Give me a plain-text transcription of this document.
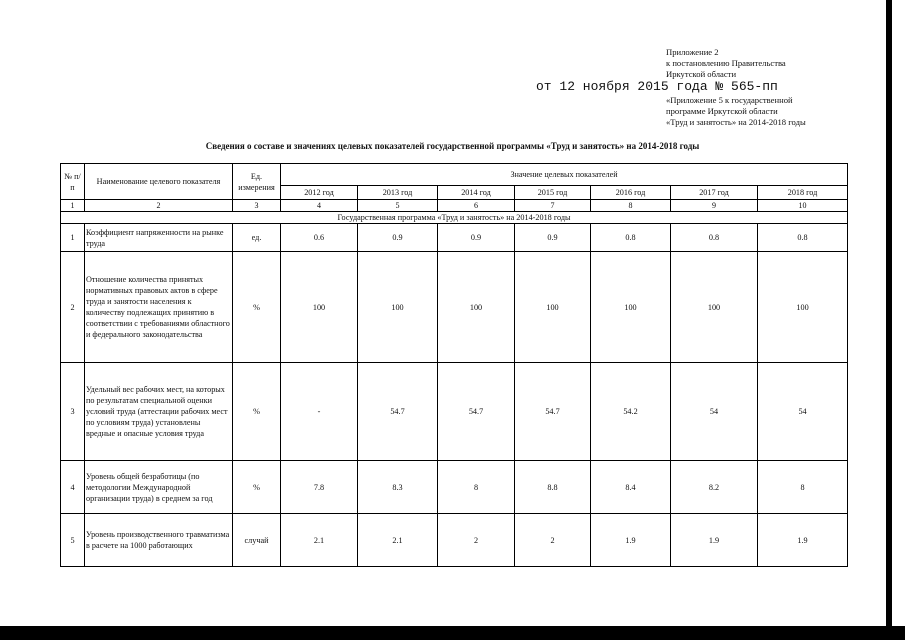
Приложение 2
к постановлению Правительства
Иркутской области
от 12 ноября 2015 года № 565-пп
«Приложение 5 к государственной
программе Иркутской области
«Труд и занятость» на 2014-2018 годы
Сведения о составе и значениях целевых показателей государственной программы «Труд и занятость» на 2014-2018 годы
№ п/п	Наименование целевого показателя	Ед. измерения	Значение целевых показателей						
			2012 год	2013 год	2014 год	2015 год	2016 год	2017 год	2018 год
1	2	3	4	5	6	7	8	9	10
Государственная программа «Труд и занятость» на 2014-2018 годы									
1	Коэффициент напряженности на рынке труда	ед.	0.6	0.9	0.9	0.9	0.8	0.8	0.8
2	Отношение количества принятых нормативных правовых актов в сфере труда и занятости населения к количеству подлежащих принятию в соответствии с требованиями областного и федерального законодательства	%	100	100	100	100	100	100	100
3	Удельный вес рабочих мест, на которых по результатам специальной оценки условий труда (аттестации рабочих мест по условиям труда) установлены вредные и опасные условия труда	%	-	54.7	54.7	54.7	54.2	54	54
4	Уровень общей безработицы (по методологии Международной организации труда) в среднем за год	%	7.8	8.3	8	8.8	8.4	8.2	8
5	Уровень производственного травматизма в расчете на 1000 работающих	случай	2.1	2.1	2	2	1.9	1.9	1.9
